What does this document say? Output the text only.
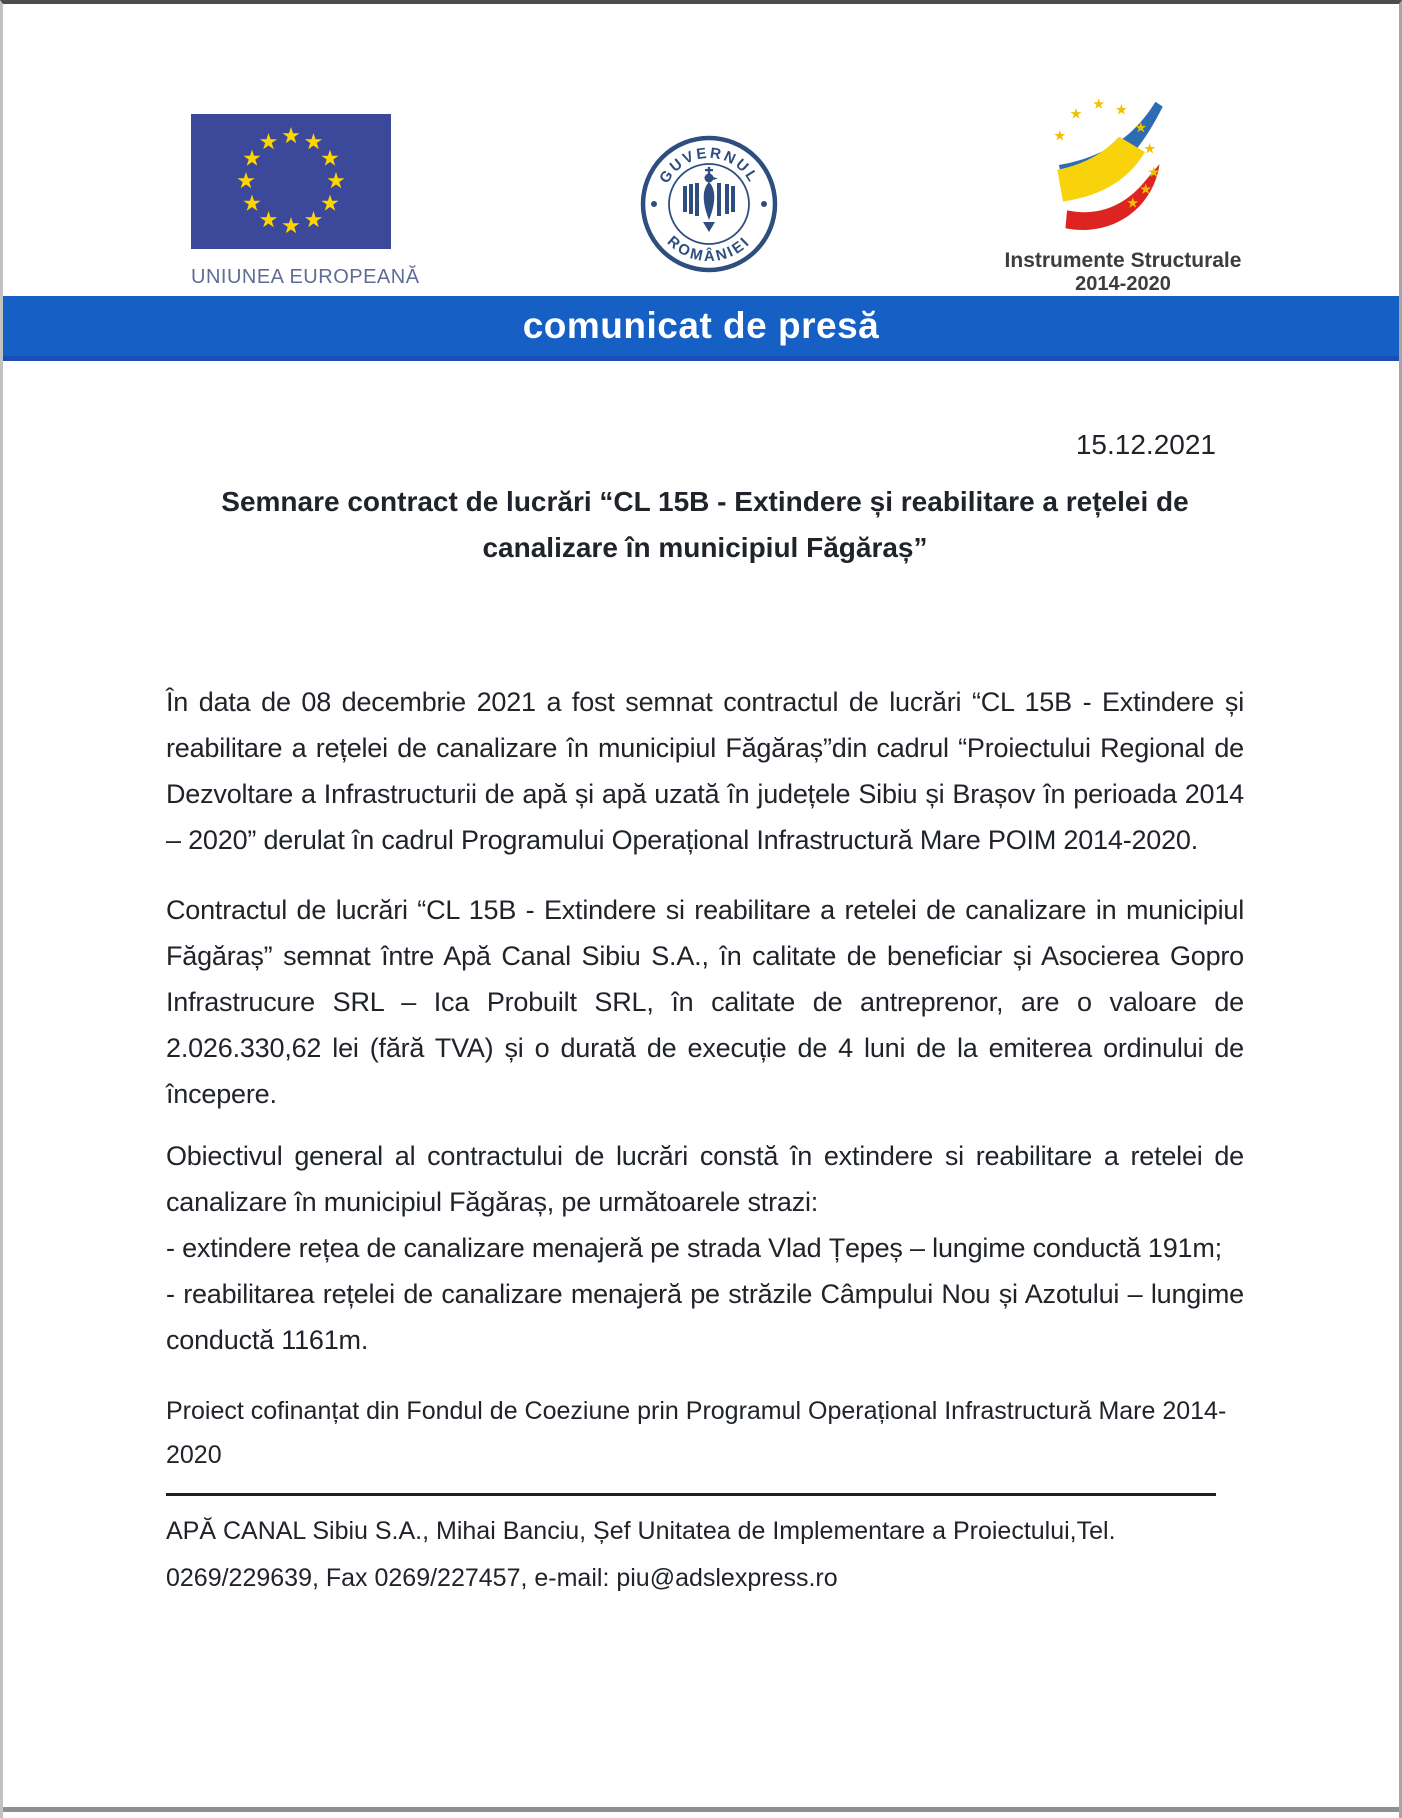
UNIUNEA EUROPEANĂ
GUVERNUL
ROMÂNIEI
Instrumente Structurale
2014-2020
comunicat de presă
15.12.2021
Semnare contract de lucrări “CL 15B - Extindere și reabilitare a rețelei de canalizare în municipiul Făgăraș”

În data de 08 decembrie 2021 a fost semnat contractul de lucrări “CL 15B - Extindere și reabilitare a rețelei de canalizare în municipiul Făgăraș”din cadrul “Proiectului Regional de Dezvoltare a Infrastructurii de apă și apă uzată în județele Sibiu și Brașov în perioada 2014 – 2020” derulat în cadrul Programului Operațional Infrastructură Mare POIM 2014-2020.

Contractul de lucrări “CL 15B - Extindere si reabilitare a retelei de canalizare in municipiul Făgăraș” semnat între Apă Canal Sibiu S.A., în calitate de beneficiar și Asocierea Gopro Infrastrucure SRL – Ica Probuilt SRL, în calitate de antreprenor, are o valoare de 2.026.330,62 lei (fără TVA) și o durată de execuție de 4 luni de la emiterea ordinului de începere.

Obiectivul general al contractului de lucrări constă în extindere si reabilitare a retelei de canalizare în municipiul Făgăraș, pe următoarele strazi:
- extindere rețea de canalizare menajeră pe strada Vlad Țepeș – lungime conductă 191m;
- reabilitarea rețelei de canalizare menajeră pe străzile Câmpului Nou și Azotului – lungime conductă 1161m.

Proiect cofinanțat din Fondul de Coeziune prin Programul Operațional Infrastructură Mare 2014-2020

APĂ CANAL Sibiu S.A., Mihai Banciu, Șef Unitatea de Implementare a Proiectului,Tel. 0269/229639, Fax 0269/227457, e-mail: piu@adslexpress.ro
